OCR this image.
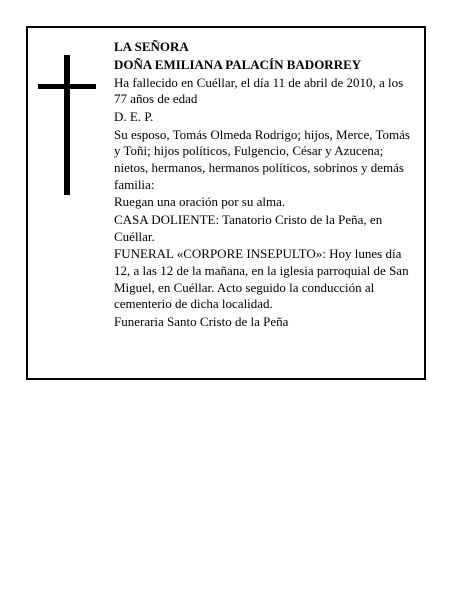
LA SEÑORA

DOÑA EMILIANA PALACÍN BADORREY

Ha fallecido en Cuéllar, el día 11 de abril de 2010, a los 77 años de edad

D. E. P.

Su esposo, Tomás Olmeda Rodrigo; hijos, Merce, Tomás y Toñi; hijos políticos, Fulgencio, César y Azucena; nietos, hermanos, hermanos políticos, sobrinos y demás familia:

Ruegan una oración por su alma.

CASA DOLIENTE: Tanatorio Cristo de la Peña, en Cuéllar.

FUNERAL «CORPORE INSEPULTO»: Hoy lunes día 12, a las 12 de la mañana, en la iglesia parroquial de San Miguel, en Cuéllar. Acto seguido la conducción al cementerio de dicha localidad.

Funeraria Santo Cristo de la Peña
